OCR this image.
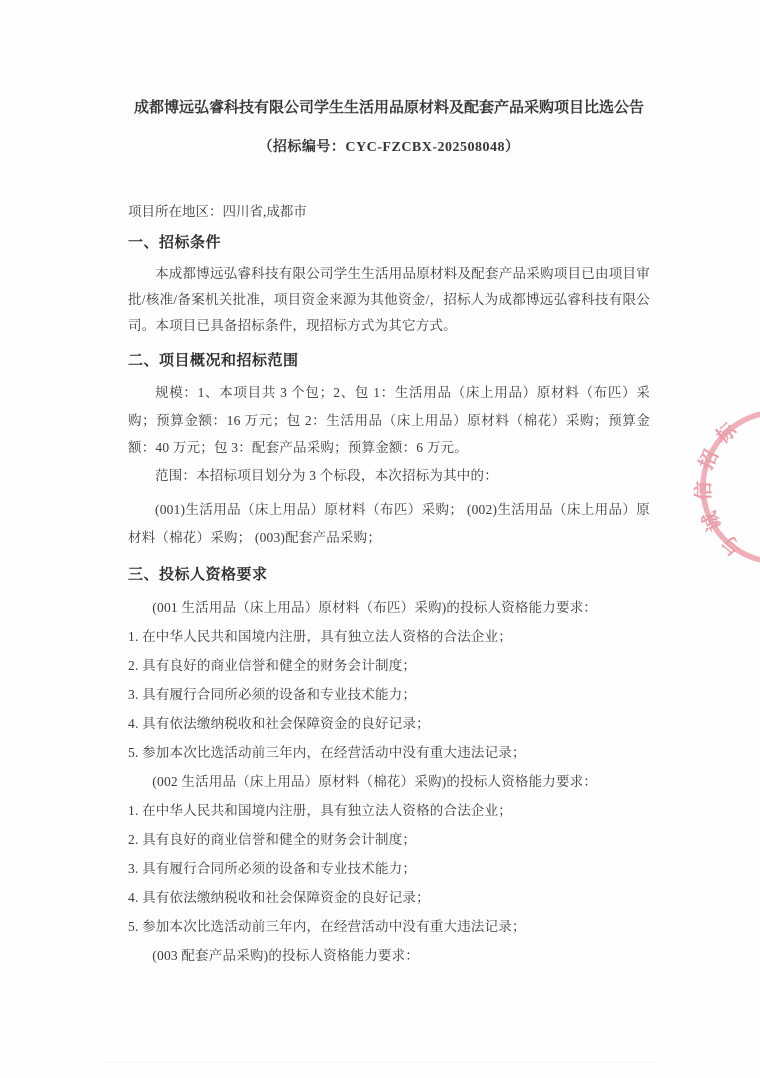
成都博远弘睿科技有限公司学生生活用品原材料及配套产品采购项目比选公告
（招标编号：CYC-FZCBX-202508048）
项目所在地区：四川省,成都市
一、招标条件

本成都博远弘睿科技有限公司学生生活用品原材料及配套产品采购项目已由项目审批/核准/备案机关批准，项目资金来源为其他资金/，招标人为成都博远弘睿科技有限公司。本项目已具备招标条件，现招标方式为其它方式。

二、项目概况和招标范围

规模：1、本项目共 3 个包；2、包 1：生活用品（床上用品）原材料（布匹）采购；预算金额：16 万元；包 2：生活用品（床上用品）原材料（棉花）采购；预算金额：40 万元；包 3：配套产品采购；预算金额：6 万元。

范围：本招标项目划分为 3 个标段，本次招标为其中的：

(001)生活用品（床上用品）原材料（布匹）采购； (002)生活用品（床上用品）原材料（棉花）采购； (003)配套产品采购；

三、投标人资格要求
(001 生活用品（床上用品）原材料（布匹）采购)的投标人资格能力要求：
1. 在中华人民共和国境内注册，具有独立法人资格的合法企业；
2. 具有良好的商业信誉和健全的财务会计制度；
3. 具有履行合同所必须的设备和专业技术能力；
4. 具有依法缴纳税收和社会保障资金的良好记录；
5. 参加本次比选活动前三年内，在经营活动中没有重大违法记录；
(002 生活用品（床上用品）原材料（棉花）采购)的投标人资格能力要求：
1. 在中华人民共和国境内注册，具有独立法人资格的合法企业；
2. 具有良好的商业信誉和健全的财务会计制度；
3. 具有履行合同所必须的设备和专业技术能力；
4. 具有依法缴纳税收和社会保障资金的良好记录；
5. 参加本次比选活动前三年内，在经营活动中没有重大违法记录；
(003 配套产品采购)的投标人资格能力要求：
与诚信招标
